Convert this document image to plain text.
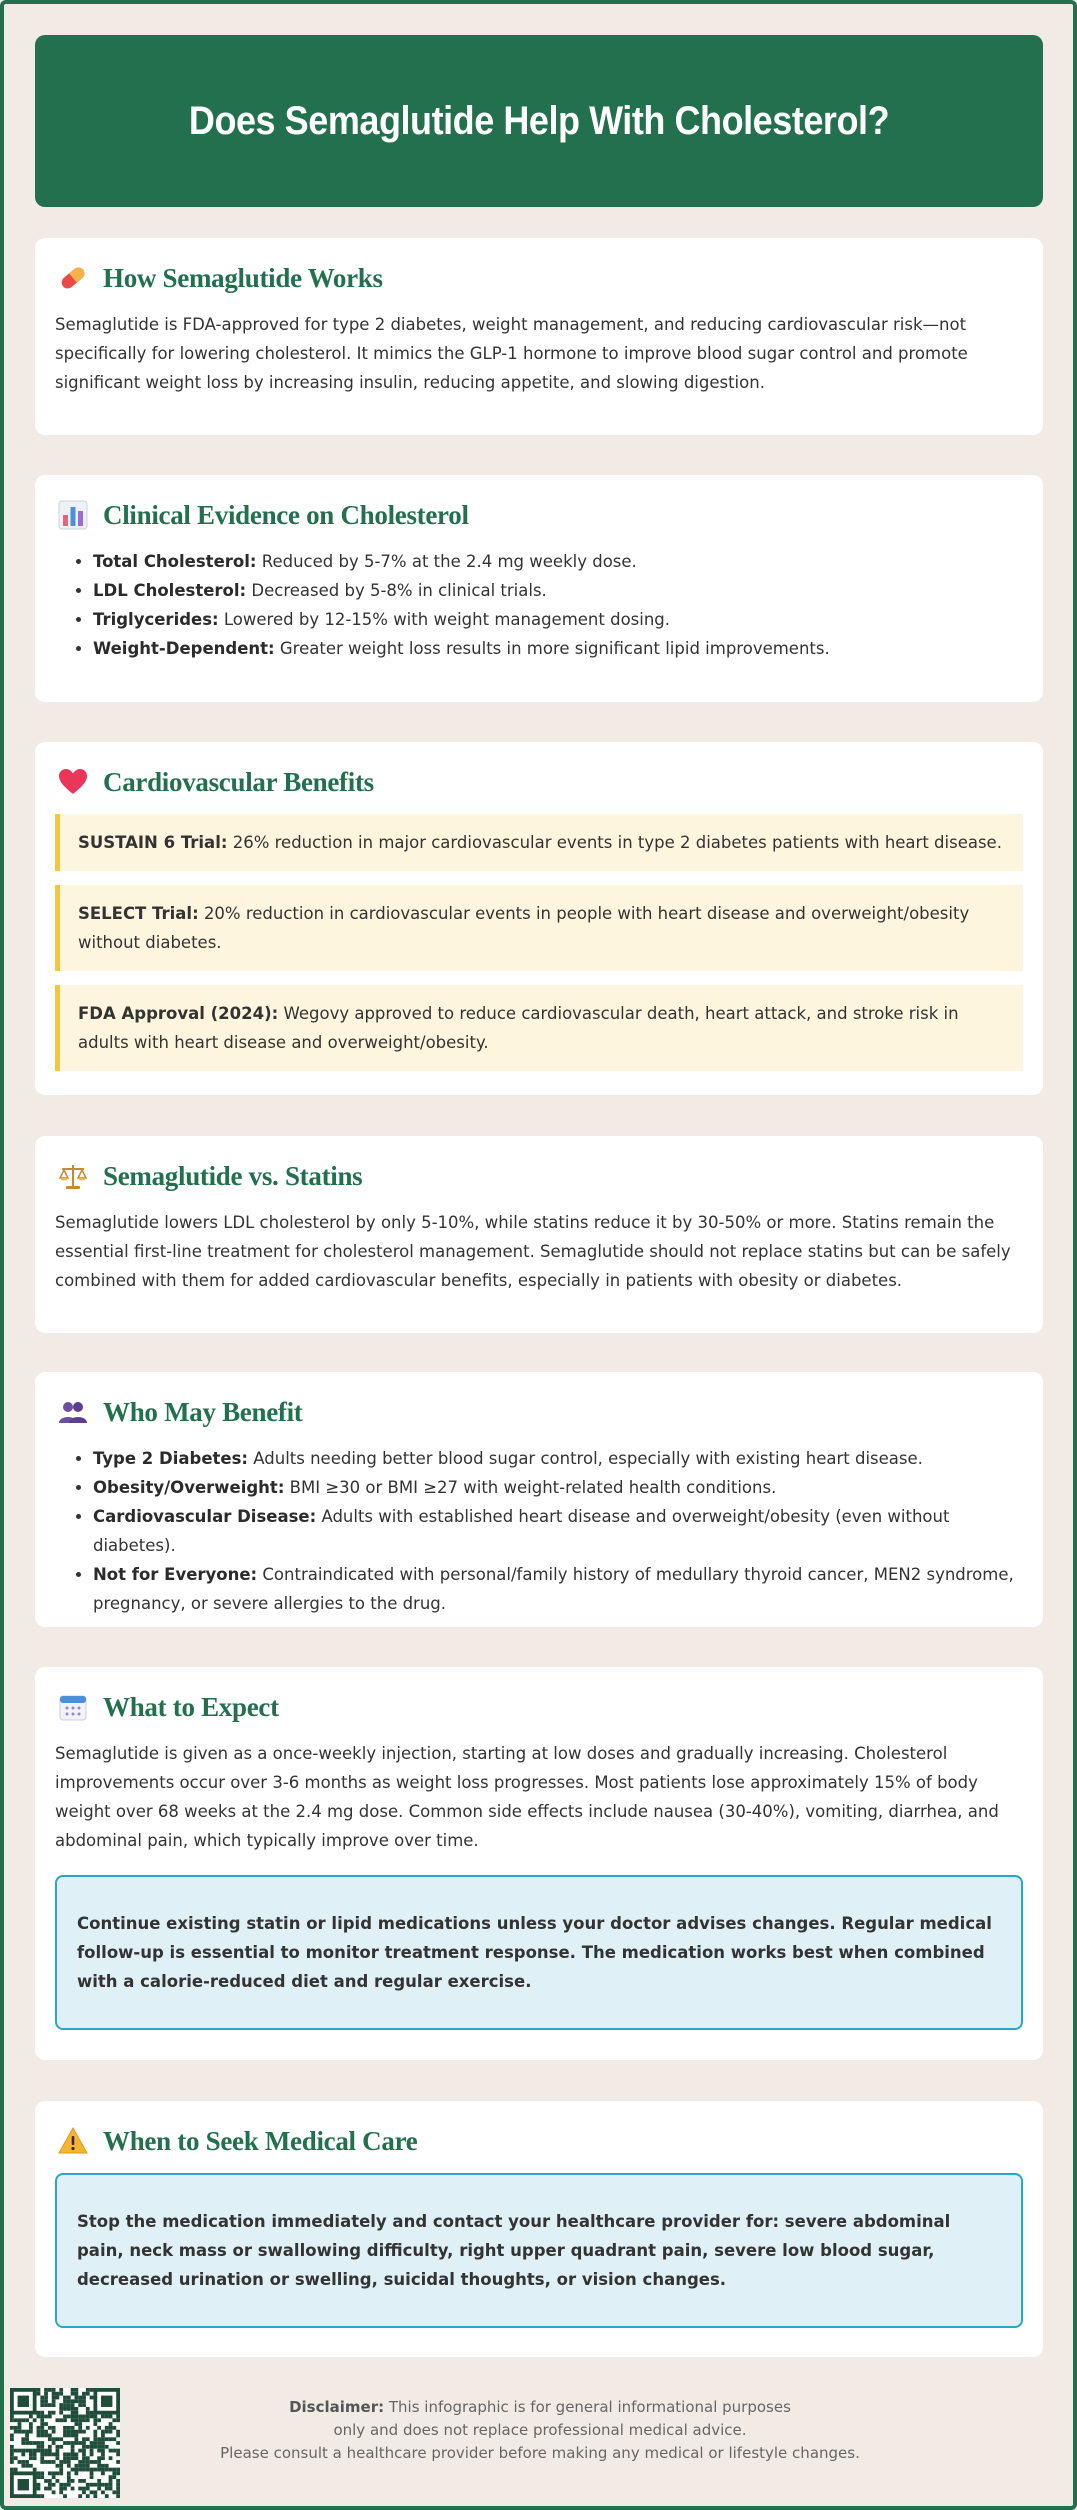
Does Semaglutide Help With Cholesterol?
How Semaglutide Works

Semaglutide is FDA-approved for type 2 diabetes, weight management, and reducing cardiovascular risk—not specifically for lowering cholesterol. It mimics the GLP-1 hormone to improve blood sugar control and promote significant weight loss by increasing insulin, reducing appetite, and slowing digestion.

Clinical Evidence on Cholesterol
• Total Cholesterol: Reduced by 5-7% at the 2.4 mg weekly dose.
• LDL Cholesterol: Decreased by 5-8% in clinical trials.
• Triglycerides: Lowered by 12-15% with weight management dosing.
• Weight-Dependent: Greater weight loss results in more significant lipid improvements.
Cardiovascular Benefits
SUSTAIN 6 Trial: 26% reduction in major cardiovascular events in type 2 diabetes patients with heart disease.
SELECT Trial: 20% reduction in cardiovascular events in people with heart disease and overweight/obesity without diabetes.
FDA Approval (2024): Wegovy approved to reduce cardiovascular death, heart attack, and stroke risk in adults with heart disease and overweight/obesity.
Semaglutide vs. Statins

Semaglutide lowers LDL cholesterol by only 5-10%, while statins reduce it by 30-50% or more. Statins remain the essential first-line treatment for cholesterol management. Semaglutide should not replace statins but can be safely combined with them for added cardiovascular benefits, especially in patients with obesity or diabetes.

Who May Benefit
• Type 2 Diabetes: Adults needing better blood sugar control, especially with existing heart disease.
• Obesity/Overweight: BMI ≥30 or BMI ≥27 with weight-related health conditions.
• Cardiovascular Disease: Adults with established heart disease and overweight/obesity (even without diabetes).
• Not for Everyone: Contraindicated with personal/family history of medullary thyroid cancer, MEN2 syndrome, pregnancy, or severe allergies to the drug.
What to Expect

Semaglutide is given as a once-weekly injection, starting at low doses and gradually increasing. Cholesterol improvements occur over 3-6 months as weight loss progresses. Most patients lose approximately 15% of body weight over 68 weeks at the 2.4 mg dose. Common side effects include nausea (30-40%), vomiting, diarrhea, and abdominal pain, which typically improve over time.

Continue existing statin or lipid medications unless your doctor advises changes. Regular medical follow-up is essential to monitor treatment response. The medication works best when combined with a calorie-reduced diet and regular exercise.
When to Seek Medical Care
Stop the medication immediately and contact your healthcare provider for: severe abdominal pain, neck mass or swallowing difficulty, right upper quadrant pain, severe low blood sugar, decreased urination or swelling, suicidal thoughts, or vision changes.
Disclaimer: This infographic is for general informational purposes
only and does not replace professional medical advice.
Please consult a healthcare provider before making any medical or lifestyle changes.
